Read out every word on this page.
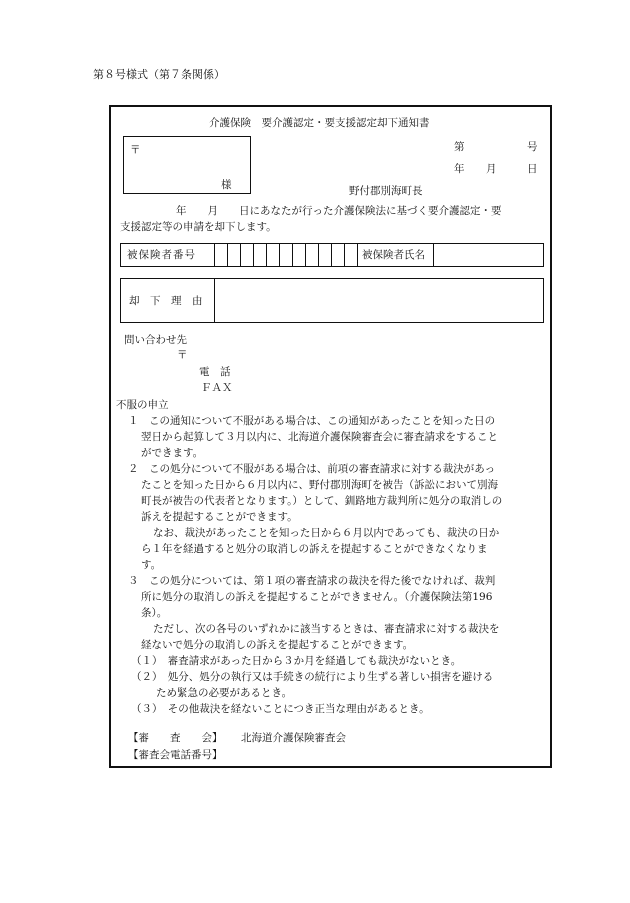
第８号様式（第７条関係）
介護保険　要介護認定・要支援認定却下通知書
〒
様
第	号
年 月	日
野付郡別海町長
年　　月　　日にあなたが行った介護保険法に基づく要介護認定・要
支援認定等の申請を却下します。
被保険者番号	被保険者氏名
却　下　理　由
問い合わせ先
〒
電　話
ＦＡＸ
不服の申立
１　この通知について不服がある場合は、この通知があったことを知った日の
翌日から起算して３月以内に、北海道介護保険審査会に審査請求をすること
ができます。
２　この処分について不服がある場合は、前項の審査請求に対する裁決があっ
たことを知った日から６月以内に、野付郡別海町を被告（訴訟において別海
町長が被告の代表者となります。）として、釧路地方裁判所に処分の取消しの
訴えを提起することができます。
なお、裁決があったことを知った日から６月以内であっても、裁決の日か
ら１年を経過すると処分の取消しの訴えを提起することができなくなりま
す。
３　この処分については、第１項の審査請求の裁決を得た後でなければ、裁判
所に処分の取消しの訴えを提起することができません。（介護保険法第196
条）。
ただし、次の各号のいずれかに該当するときは、審査請求に対する裁決を
経ないで処分の取消しの訴えを提起することができます。
（１）　審査請求があった日から３か月を経過しても裁決がないとき。
（２）　処分、処分の執行又は手続きの続行により生ずる著しい損害を避ける
ため緊急の必要があるとき。
（３）　その他裁決を経ないことにつき正当な理由があるとき。
【審　　査　　会】 北海道介護保険審査会
【審査会電話番号】
